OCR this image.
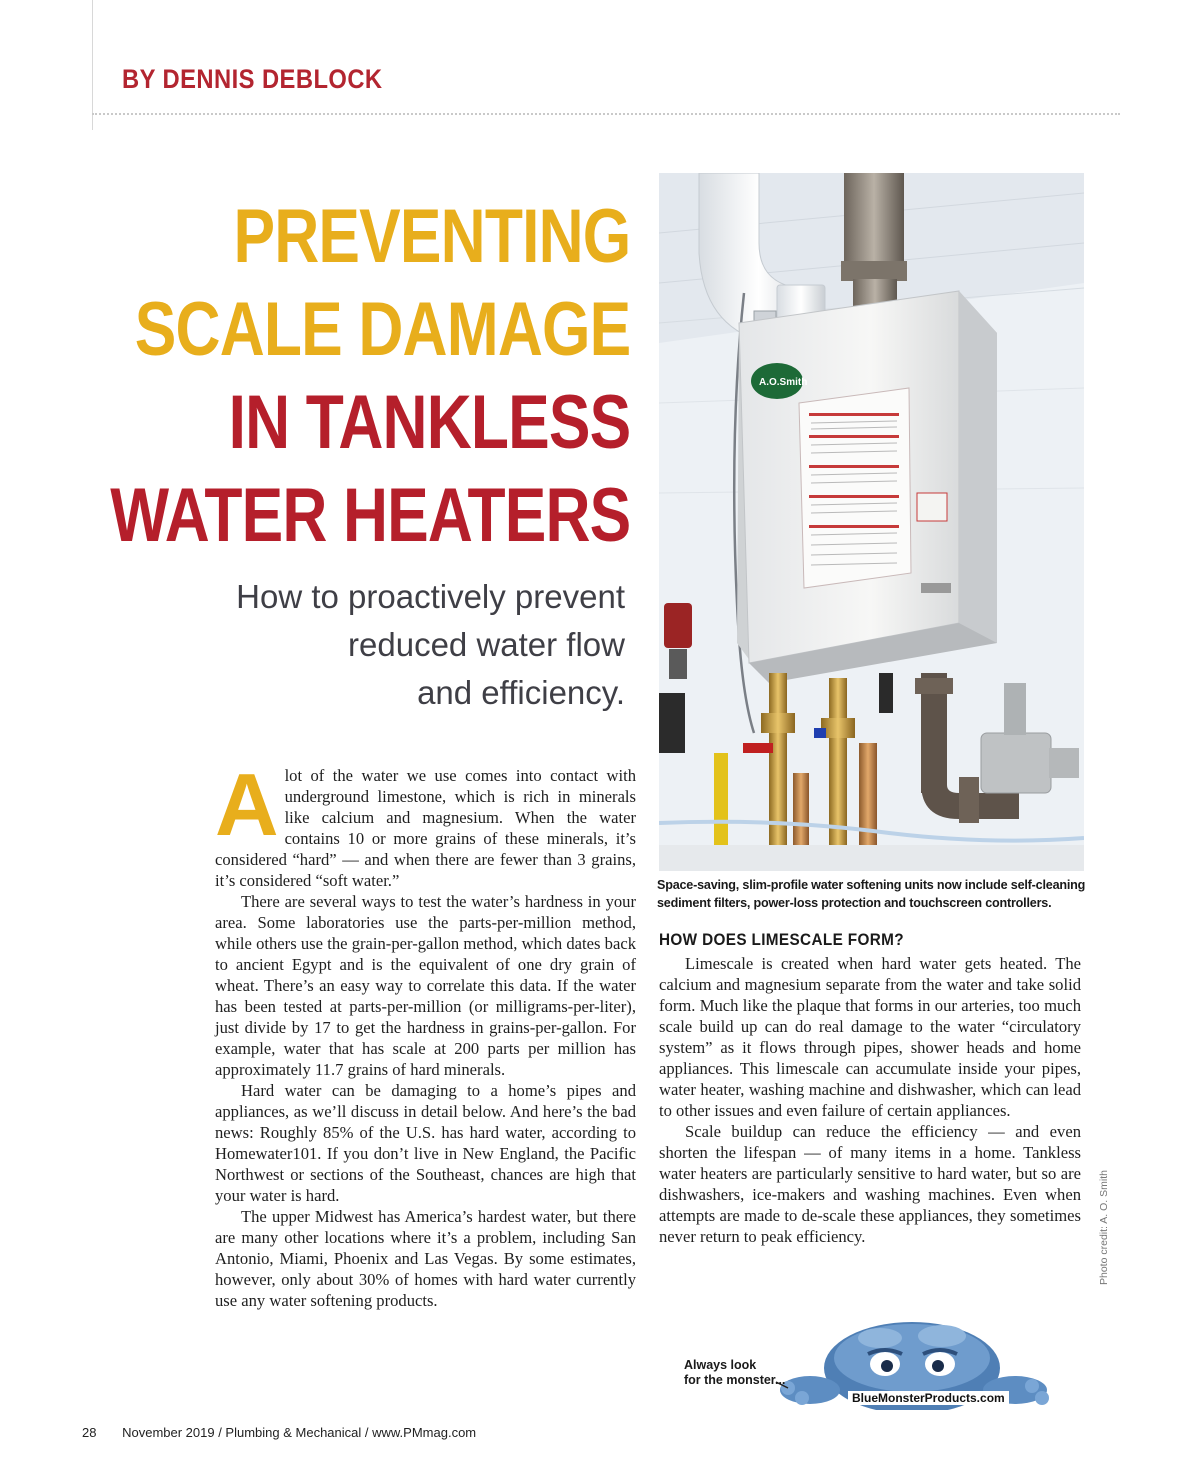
BY DENNIS DEBLOCK
PREVENTING
SCALE DAMAGE
IN TANKLESS
WATER HEATERS
How to proactively prevent
reduced water flow
and efficiency.
A.O.Smith
Space-saving, slim-profile water softening units now include self-cleaning sediment filters, power-loss protection and touchscreen controllers.

A lot of the water we use comes into contact with underground limestone, which is rich in minerals like calcium and magnesium. When the water contains 10 or more grains of these minerals, it’s considered “hard” — and when there are fewer than 3 grains, it’s considered “soft water.”

There are several ways to test the water’s hardness in your area. Some laboratories use the parts-per-million method, while others use the grain-per-gallon method, which dates back to ancient Egypt and is the equivalent of one dry grain of wheat. There’s an easy way to correlate this data. If the water has been tested at parts-per-million (or milligrams-per-liter), just divide by 17 to get the hardness in grains-per-gallon. For example, water that has scale at 200 parts per million has approximately 11.7 grains of hard minerals.

Hard water can be damaging to a home’s pipes and appliances, as we’ll discuss in detail below. And here’s the bad news: Roughly 85% of the U.S. has hard water, according to Homewater101. If you don’t live in New England, the Pacific Northwest or sections of the Southeast, chances are high that your water is hard.

The upper Midwest has America’s hardest water, but there are many other locations where it’s a problem, including San Antonio, Miami, Phoenix and Las Vegas. By some estimates, however, only about 30% of homes with hard water currently use any water softening products.

HOW DOES LIMESCALE FORM?

Limescale is created when hard water gets heated. The calcium and magnesium separate from the water and take solid form. Much like the plaque that forms in our arteries, too much scale build up can do real damage to the water “circulatory system” as it flows through pipes, shower heads and home appliances. This limescale can accumulate inside your pipes, water heater, washing machine and dishwasher, which can lead to other issues and even failure of certain appliances.

Scale buildup can reduce the efficiency — and even shorten the lifespan — of many items in a home. Tankless water heaters are particularly sensitive to hard water, but so are dishwashers, ice-makers and washing machines. Even when attempts are made to de-scale these appliances, they sometimes never return to peak efficiency.	Photo credit: A. O. Smith
Always look
for the monster...
BlueMonsterProducts.com
28 November 2019 / Plumbing & Mechanical / www.PMmag.com
